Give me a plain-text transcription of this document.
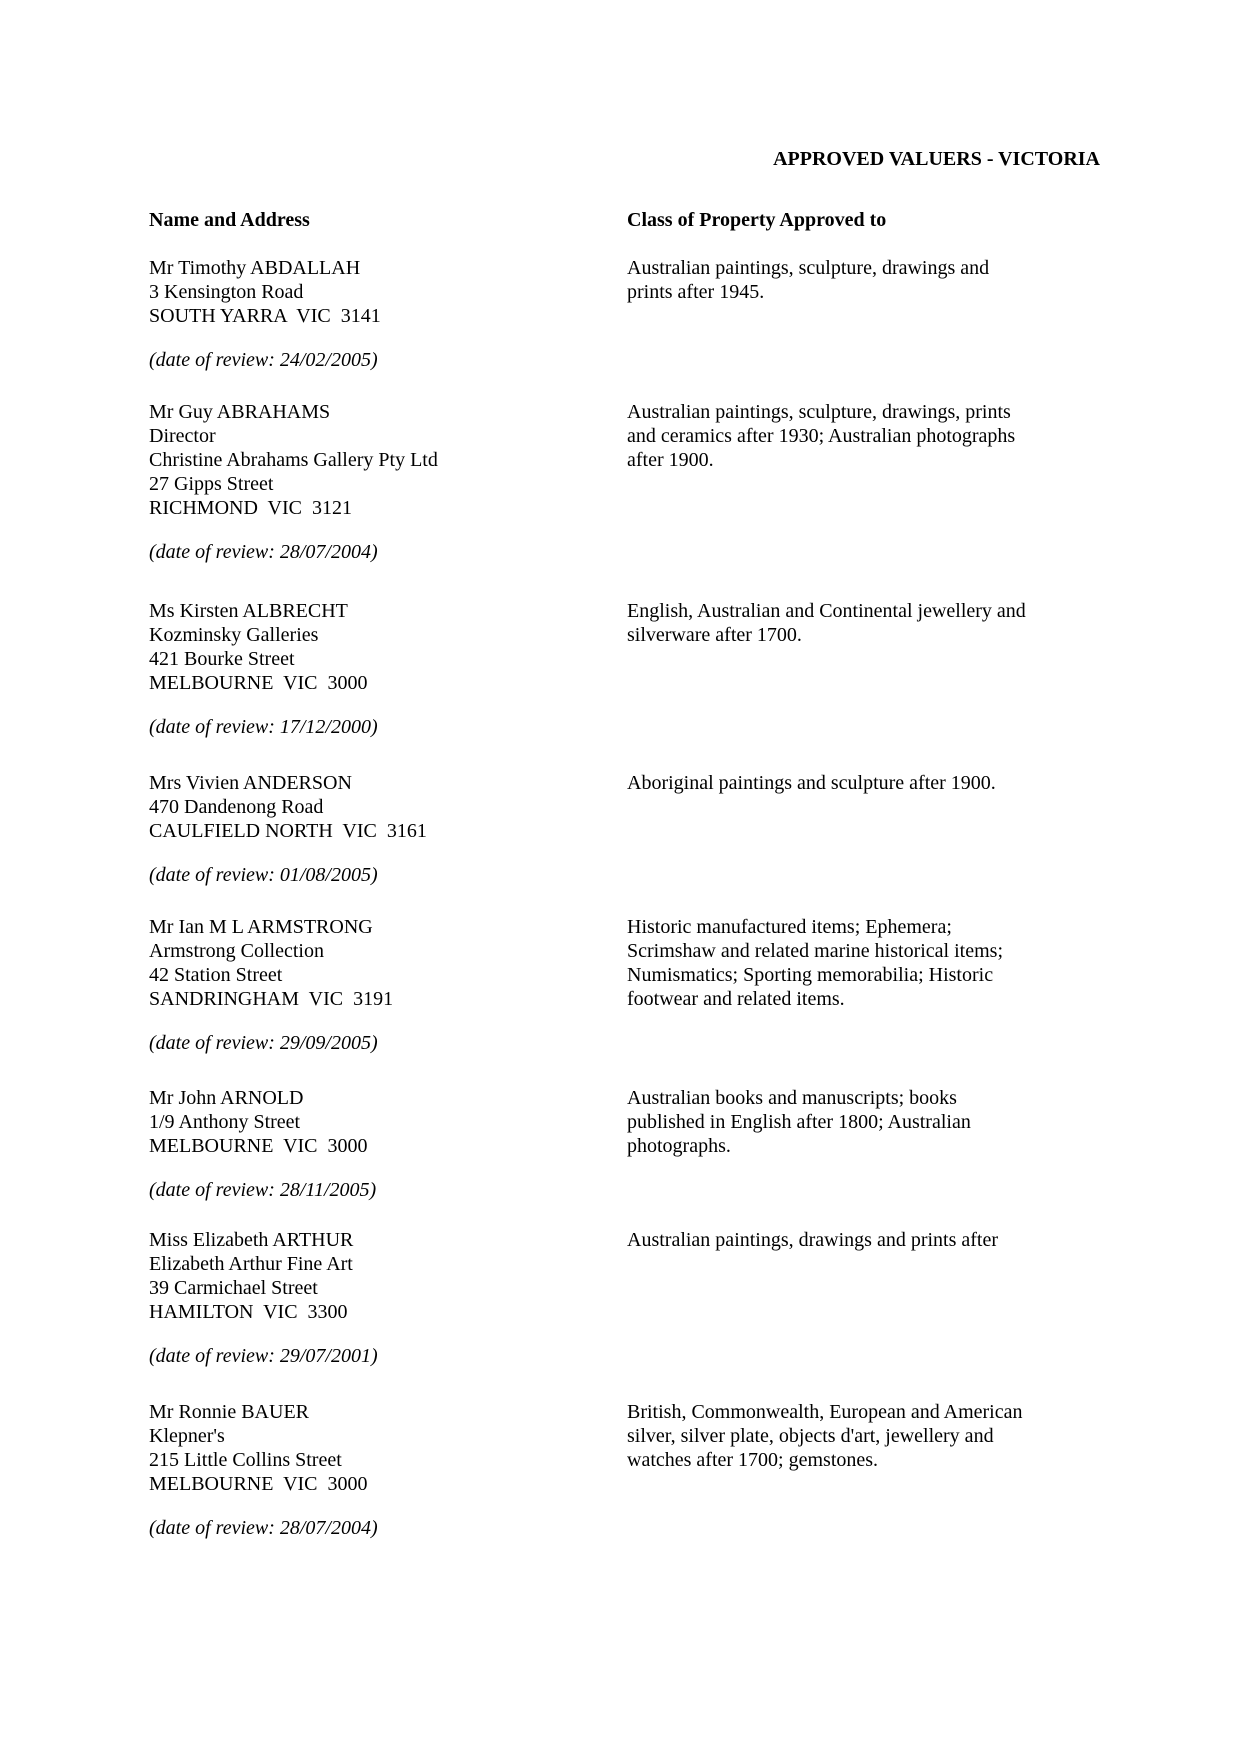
APPROVED VALUERS - VICTORIA
Name and Address	Class of Property Approved to
Mr Timothy ABDALLAH
3 Kensington Road
SOUTH YARRA  VIC  3141
(date of review: 24/02/2005)
Australian paintings, sculpture, drawings and
prints after 1945.
Mr Guy ABRAHAMS
Director
Christine Abrahams Gallery Pty Ltd
27 Gipps Street
RICHMOND  VIC  3121
(date of review: 28/07/2004)
Australian paintings, sculpture, drawings, prints
and ceramics after 1930; Australian photographs
after 1900.
Ms Kirsten ALBRECHT
Kozminsky Galleries
421 Bourke Street
MELBOURNE  VIC  3000
(date of review: 17/12/2000)
English, Australian and Continental jewellery and
silverware after 1700.
Mrs Vivien ANDERSON
470 Dandenong Road
CAULFIELD NORTH  VIC  3161
(date of review: 01/08/2005)
Aboriginal paintings and sculpture after 1900.
Mr Ian M L ARMSTRONG
Armstrong Collection
42 Station Street
SANDRINGHAM  VIC  3191
(date of review: 29/09/2005)
Historic manufactured items; Ephemera;
Scrimshaw and related marine historical items;
Numismatics; Sporting memorabilia; Historic
footwear and related items.
Mr John ARNOLD
1/9 Anthony Street
MELBOURNE  VIC  3000
(date of review: 28/11/2005)
Australian books and manuscripts; books
published in English after 1800; Australian
photographs.
Miss Elizabeth ARTHUR
Elizabeth Arthur Fine Art
39 Carmichael Street
HAMILTON  VIC  3300
(date of review: 29/07/2001)
Australian paintings, drawings and prints after
Mr Ronnie BAUER
Klepner's
215 Little Collins Street
MELBOURNE  VIC  3000
(date of review: 28/07/2004)
British, Commonwealth, European and American
silver, silver plate, objects d'art, jewellery and
watches after 1700; gemstones.
